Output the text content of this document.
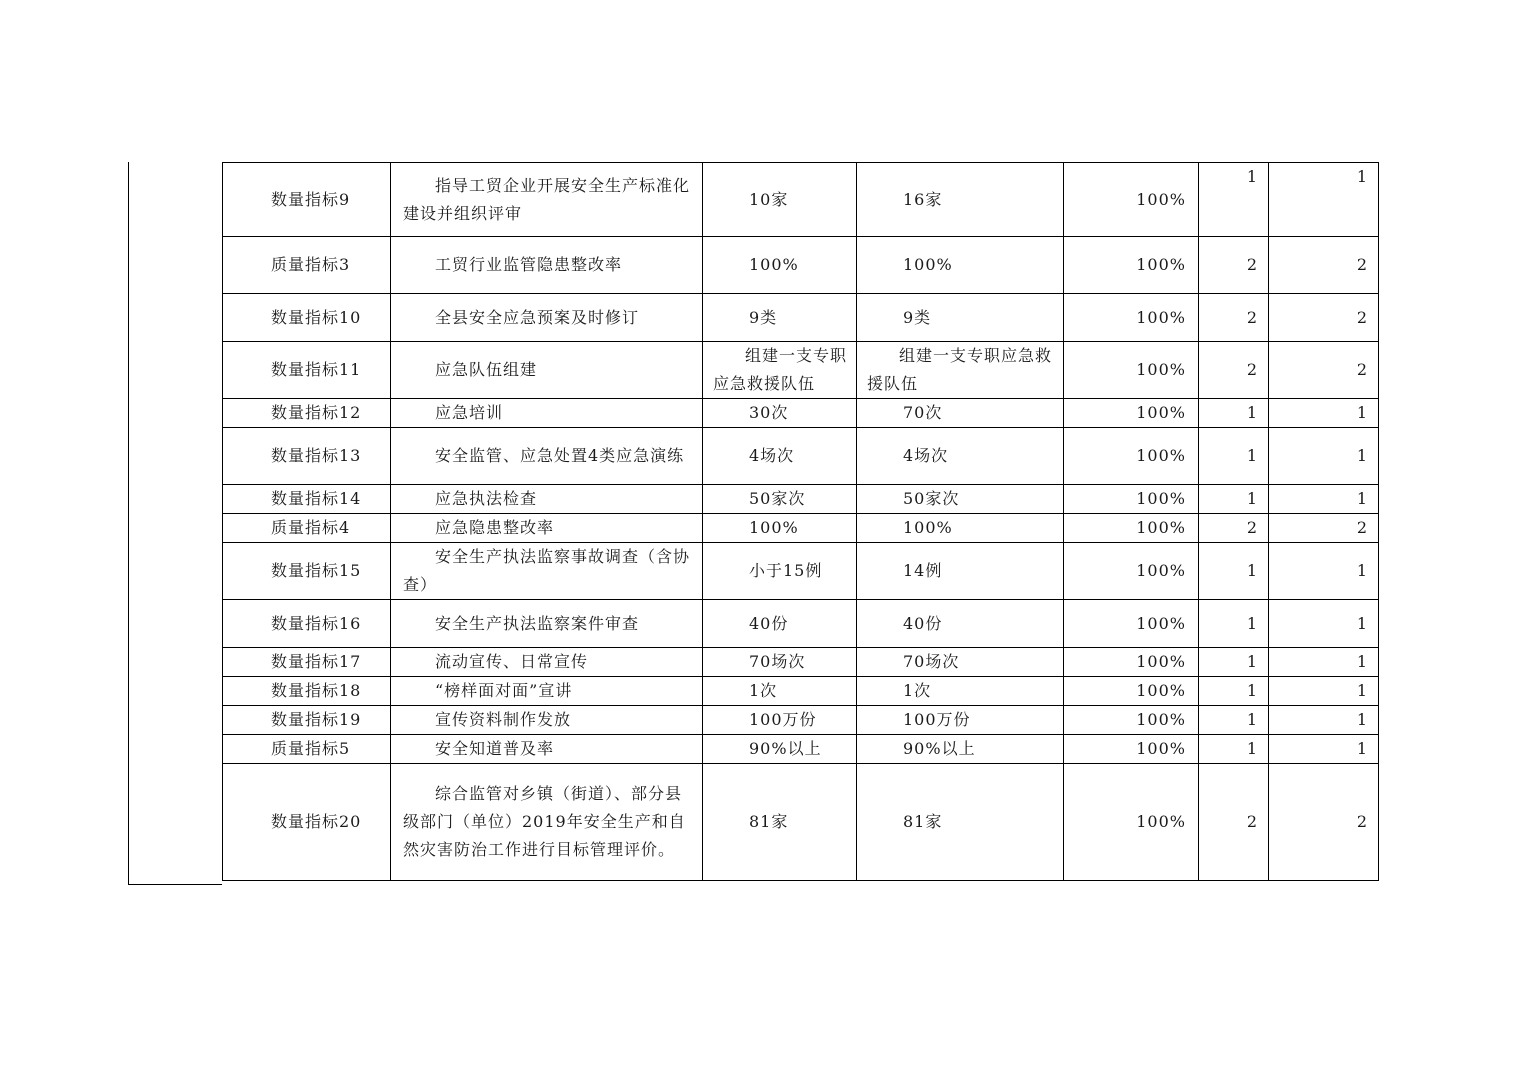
数量指标9	指导工贸企业开展安全生产标准化建设并组织评审	10家	16家	100%	1	1
质量指标3	工贸行业监管隐患整改率	100%	100%	100%	2	2
数量指标10	全县安全应急预案及时修订	9类	9类	100%	2	2
数量指标11	应急队伍组建	组建一支专职应急救援队伍	组建一支专职应急救援队伍	100%	2	2
数量指标12	应急培训	30次	70次	100%	1	1
数量指标13	安全监管、应急处置4类应急演练	4场次	4场次	100%	1	1
数量指标14	应急执法检查	50家次	50家次	100%	1	1
质量指标4	应急隐患整改率	100%	100%	100%	2	2
数量指标15	安全生产执法监察事故调查（含协查）	小于15例	14例	100%	1	1
数量指标16	安全生产执法监察案件审查	40份	40份	100%	1	1
数量指标17	流动宣传、日常宣传	70场次	70场次	100%	1	1
数量指标18	“榜样面对面”宣讲	1次	1次	100%	1	1
数量指标19	宣传资料制作发放	100万份	100万份	100%	1	1
质量指标5	安全知道普及率	90%以上	90%以上	100%	1	1
数量指标20	综合监管对乡镇（街道）、部分县级部门（单位）2019年安全生产和自然灾害防治工作进行目标管理评价。	81家	81家	100%	2	2
